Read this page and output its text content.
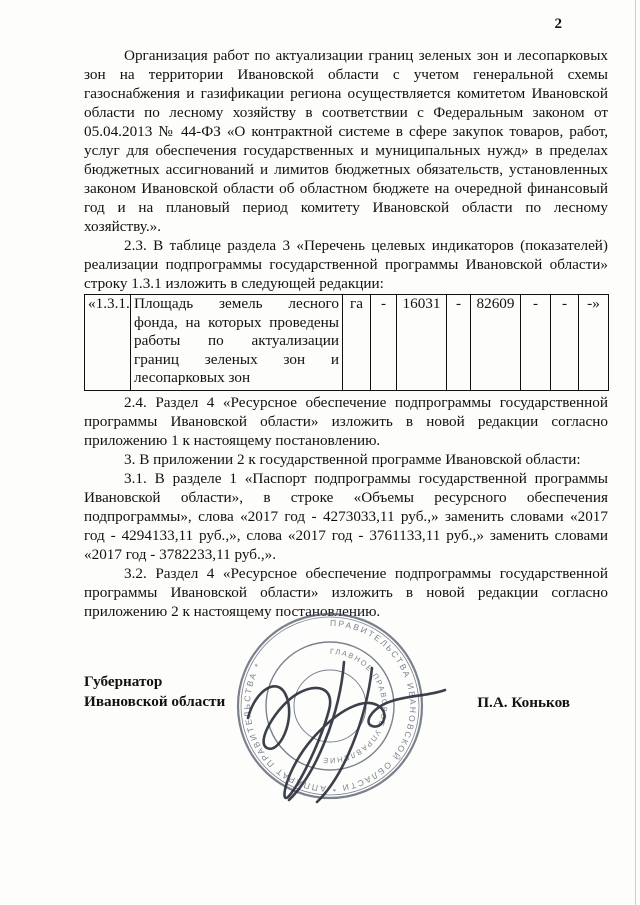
2

Организация работ по актуализации границ зеленых зон и лесопарковых зон на территории Ивановской области с учетом генеральной схемы газоснабжения и газификации региона осуществляется комитетом Ивановской области по лесному хозяйству в соответствии с Федеральным законом от 05.04.2013 № 44-ФЗ «О контрактной системе в сфере закупок товаров, работ, услуг для обеспечения государственных и муниципальных нужд» в пределах бюджетных ассигнований и лимитов бюджетных обязательств, установленных законом Ивановской области об областном бюджете на очередной финансовый год и на плановый период комитету Ивановской области по лесному хозяйству.».

2.3. В таблице раздела 3 «Перечень целевых индикаторов (показателей) реализации подпрограммы государственной программы Ивановской области» строку 1.3.1 изложить в следующей редакции:

«1.3.1.	Площадь земель лесного фонда, на которых проведены работы по актуализации границ зеленых зон и лесопарковых зон	га	-	16031	-	82609	-	-	-»

2.4. Раздел 4 «Ресурсное обеспечение подпрограммы государственной программы Ивановской области» изложить в новой редакции согласно приложению 1 к настоящему постановлению.

3. В приложении 2 к государственной программе Ивановской области:

3.1. В разделе 1 «Паспорт подпрограммы государственной программы Ивановской области», в строке «Объемы ресурсного обеспечения подпрограммы», слова «2017 год - 4273033,11 руб.,» заменить словами «2017 год - 4294133,11 руб.,», слова «2017 год - 3761133,11 руб.,» заменить словами «2017 год - 3782233,11 руб.,».

3.2. Раздел 4 «Ресурсное обеспечение подпрограммы государственной программы Ивановской области» изложить в новой редакции согласно приложению 2 к настоящему постановлению.

Губернатор
Ивановской области	П.А. Коньков
ПРАВИТЕЛЬСТВА ИВАНОВСКОЙ ОБЛАСТИ * АППАРАТ ПРАВИТЕЛЬСТВА *
ГЛАВНОЕ ПРАВОВОЕ УПРАВЛЕНИЕ
